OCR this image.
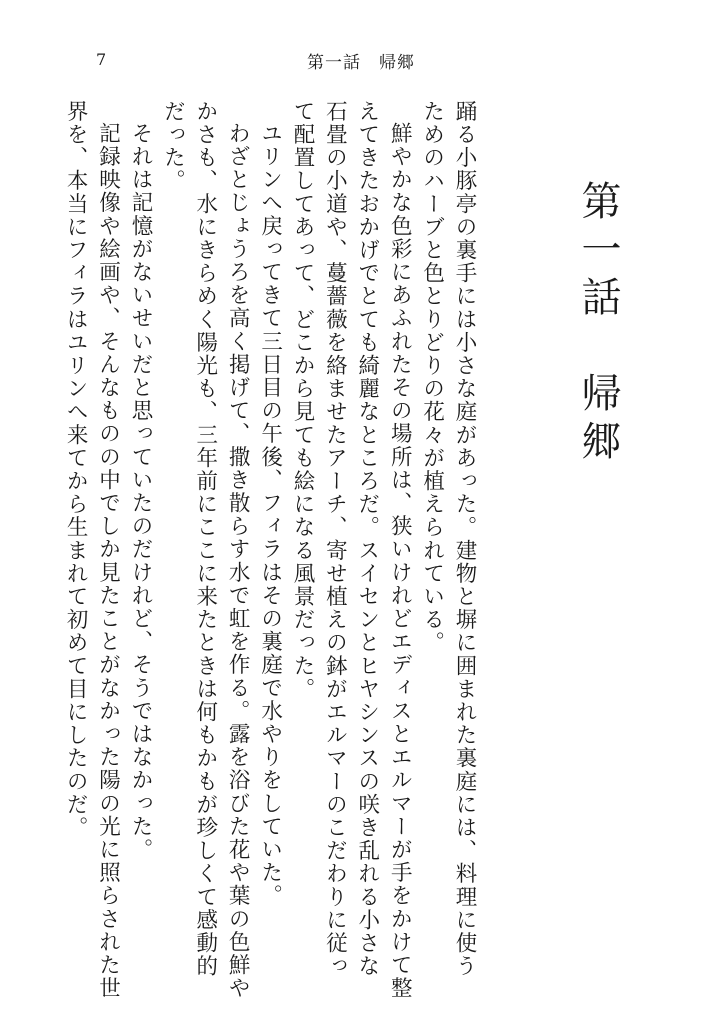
7	第一話　帰郷
第一話　帰郷

踊る小豚亭の裏手には小さな庭があった。建物と塀に囲まれた裏庭には、料理に使うためのハーブと色とりどりの花々が植えられている。

鮮やかな色彩にあふれたその場所は、狭いけれどエディスとエルマーが手をかけて整えてきたおかげでとても綺麗なところだ。スイセンとヒヤシンスの咲き乱れる小さな石畳の小道や、蔓薔薇を絡ませたアーチ、寄せ植えの鉢がエルマーのこだわりに従って配置してあって、どこから見ても絵になる風景だった。

ユリンへ戻ってきて三日目の午後、フィラはその裏庭で水やりをしていた。

わざとじょうろを高く掲げて、撒き散らす水で虹を作る。露を浴びた花や葉の色鮮やかさも、水にきらめく陽光も、三年前にここに来たときは何もかもが珍しくて感動的だった。

それは記憶がないせいだと思っていたのだけれど、そうではなかった。

記録映像や絵画や、そんなものの中でしか見たことがなかった陽の光に照らされた世界を、本当にフィラはユリンへ来てから生まれて初めて目にしたのだ。
